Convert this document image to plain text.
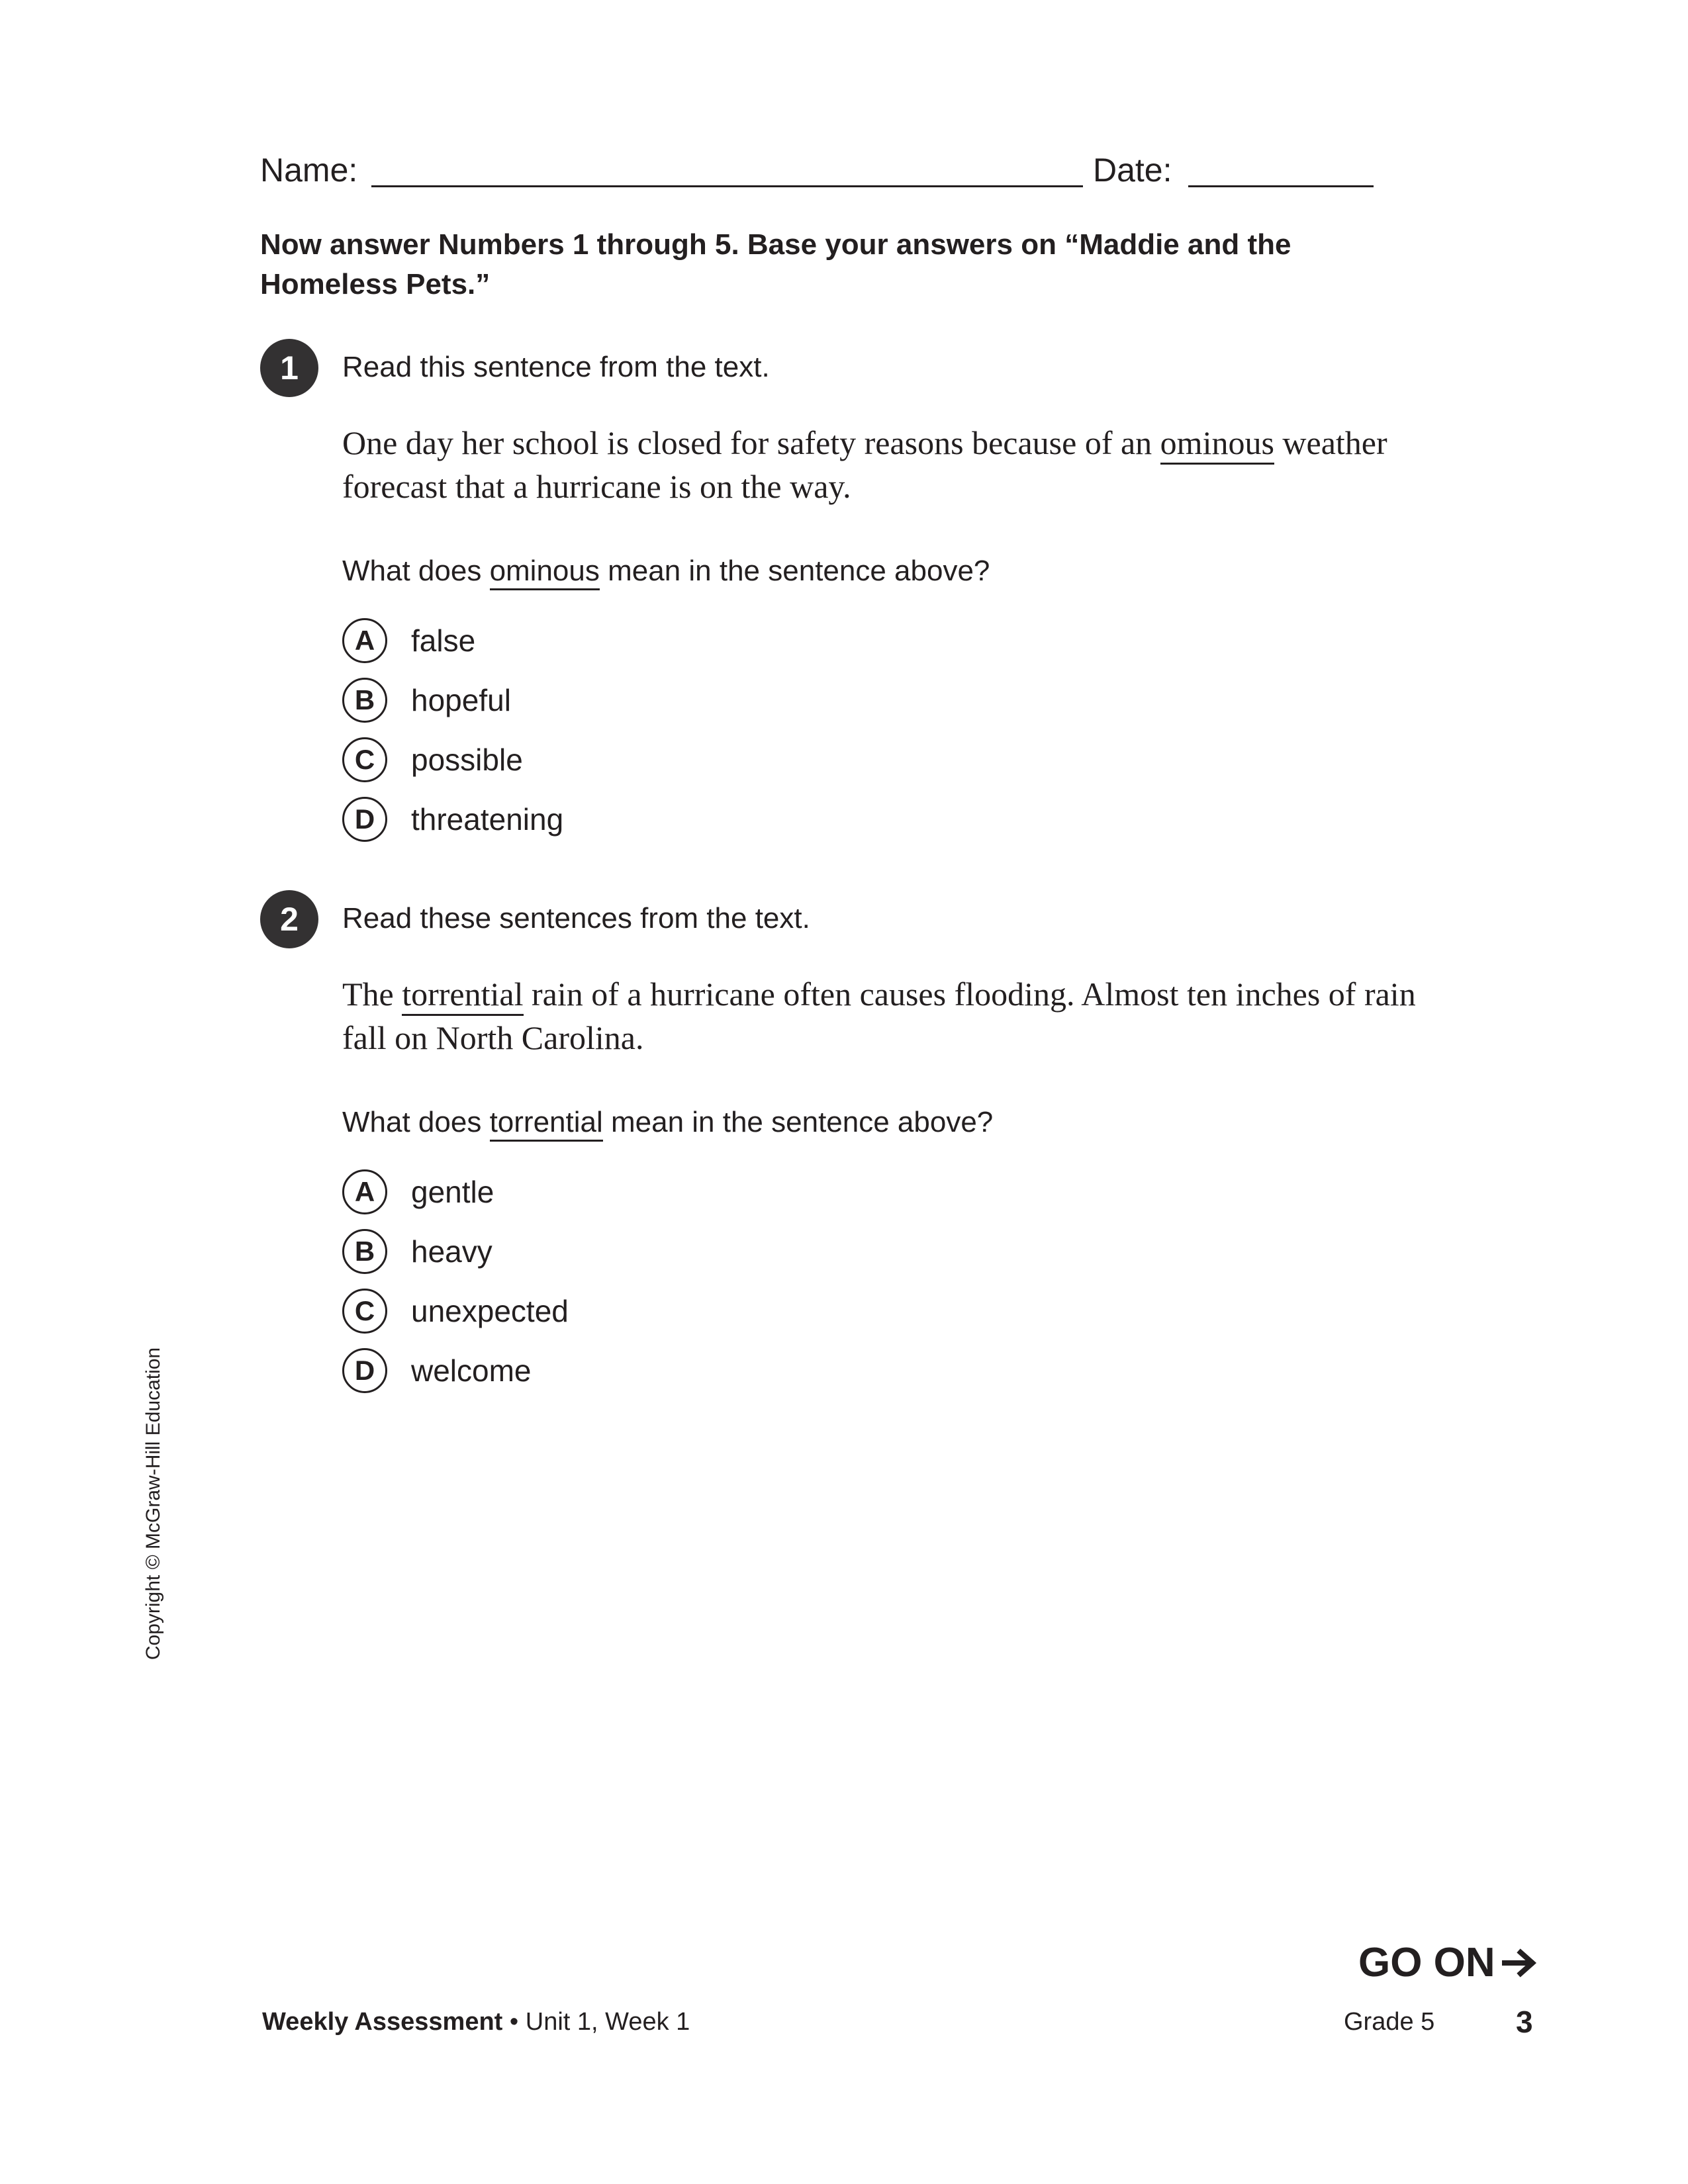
Name:	Date:
Now answer Numbers 1 through 5. Base your answers on “Maddie and the Homeless Pets.”
1	Read this sentence from the text.
One day her school is closed for safety reasons because of an ominous weather forecast that a hurricane is on the way.
What does ominous mean in the sentence above?
A	false
B	hopeful
C	possible
D	threatening
2	Read these sentences from the text.
The torrential rain of a hurricane often causes flooding. Almost ten inches of rain fall on North Carolina.
What does torrential mean in the sentence above?
A	gentle
B	heavy
C	unexpected
D	welcome
Copyright © McGraw-Hill Education
GO ON
Weekly Assessment • Unit 1, Week 1	Grade 5	3
